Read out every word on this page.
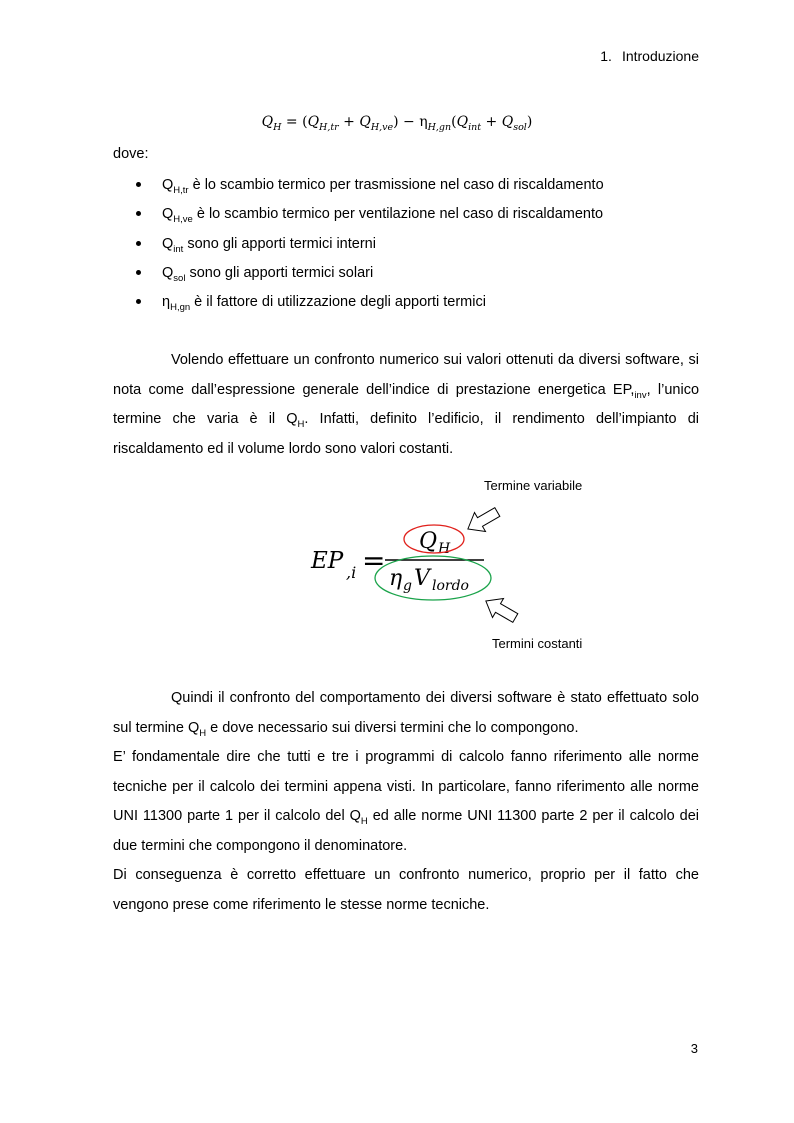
1. Introduzione
$Q_H = (Q_{H,tr} + Q_{H,ve}) - \eta_{H,gn}(Q_{int} + Q_{sol})$
dove:
$Q_{H,tr}$ è lo scambio termico per trasmissione nel caso di riscaldamento
$Q_{H,ve}$ è lo scambio termico per ventilazione nel caso di riscaldamento
$Q_{int}$ sono gli apporti termici interni
$Q_{sol}$ sono gli apporti termici solari
$\eta_{H,gn}$ è il fattore di utilizzazione degli apporti termici
Volendo effettuare un confronto numerico sui valori ottenuti da diversi software, si nota come dall’espressione generale dell’indice di prestazione energetica $EP,_{inv}$, l’unico termine che varia è il $Q_H$. Infatti, definito l’edificio, il rendimento dell’impianto di riscaldamento ed il volume lordo sono valori costanti.
Termine variabile
Termini costanti
EP ,i =
Q H
η g V lordo
Quindi il confronto del comportamento dei diversi software è stato effettuato solo sul termine $Q_H$ e dove necessario sui diversi termini che lo compongono.
E’ fondamentale dire che tutti e tre i programmi di calcolo fanno riferimento alle norme tecniche per il calcolo dei termini appena visti. In particolare, fanno riferimento alle norme UNI 11300 parte 1 per il calcolo del $Q_H$ ed alle norme UNI 11300 parte 2 per il calcolo dei due termini che compongono il denominatore.
Di conseguenza è corretto effettuare un confronto numerico, proprio per il fatto che vengono prese come riferimento le stesse norme tecniche.
3
